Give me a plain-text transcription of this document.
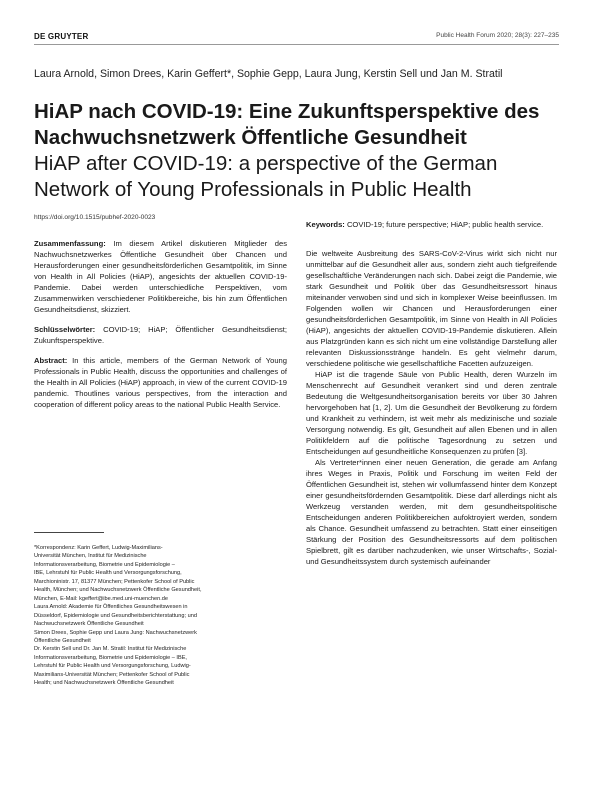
DE GRUYTER	Public Health Forum 2020; 28(3): 227–235
Laura Arnold, Simon Drees, Karin Geffert*, Sophie Gepp, Laura Jung, Kerstin Sell und Jan M. Stratil
HiAP nach COVID-19: Eine Zukunftsperspektive des Nachwuchsnetzwerk Öffentliche Gesundheit
HiAP after COVID-19: a perspective of the German Network of Young Professionals in Public Health
https://doi.org/10.1515/pubhef-2020-0023

Zusammenfassung: Im diesem Artikel diskutieren Mitglieder des Nachwuchsnetzwerkes Öffentliche Gesundheit über Chancen und Herausforderungen einer gesundheitsförderlichen Gesamtpolitik, im Sinne von Health in All Policies (HiAP), angesichts der aktuellen COVID-19-Pandemie. Dabei werden unterschiedliche Perspektiven, vom Zusammenwirken verschiedener Politikbereiche, bis hin zum Öffentlichen Gesundheitsdienst, skizziert.

Schlüsselwörter: COVID-19; HiAP; Öffentlicher Gesundheitsdienst; Zukunftsperspektive.

Abstract: In this article, members of the German Network of Young Professionals in Public Health, discuss the opportunities and challenges of the Health in All Policies (HiAP) approach, in view of the current COVID-19 pandemic. Thoutlines various perspectives, from the interaction and cooperation of different policy areas to the national Public Health Service.

*Korrespondenz: Karin Geffert, Ludwig-Maximilians-

Universität München, Institut für Medizinische

Informationsverarbeitung, Biometrie und Epidemiologie –

IBE, Lehrstuhl für Public Health und Versorgungsforschung,

Marchioninistr. 17, 81377 München; Pettenkofer School of Public

Health, München; und Nachwuchsnetzwerk Öffentliche Gesundheit,

München, E-Mail: kgeffert@ibe.med.uni-muenchen.de

Laura Arnold: Akademie für Öffentliches Gesundheitswesen in

Düsseldorf, Epidemiologie und Gesundheitsberichterstattung; und

Nachwuchsnetzwerk Öffentliche Gesundheit

Simon Drees, Sophie Gepp und Laura Jung: Nachwuchsnetzwerk

Öffentliche Gesundheit

Dr. Kerstin Sell und Dr. Jan M. Stratil: Institut für Medizinische

Informationsverarbeitung, Biometrie und Epidemiologie – IBE,

Lehrstuhl für Public Health und Versorgungsforschung, Ludwig-

Maximilians-Universität München; Pettenkofer School of Public

Health; und Nachwuchsnetzwerk Öffentliche Gesundheit

Keywords: COVID-19; future perspective; HiAP; public health service.

Die weltweite Ausbreitung des SARS-CoV-2-Virus wirkt sich nicht nur unmittelbar auf die Gesundheit aller aus, sondern zieht auch tiefgreifende gesellschaftliche Veränderungen nach sich. Dabei zeigt die Pandemie, wie stark Gesundheit und Politik über das Gesundheitsressort hinaus miteinander verwoben sind und sich in komplexer Weise beeinflussen. Im Folgenden wollen wir Chancen und Herausforderungen einer gesundheitsförderlichen Gesamtpolitik, im Sinne von Health in All Policies (HiAP), angesichts der aktuellen COVID-19-Pandemie diskutieren. Allein aus Platzgründen kann es sich nicht um eine vollständige Darstellung aller relevanten Diskussionsstränge handeln. Es geht vielmehr darum, verschiedene politische wie gesellschaftliche Facetten aufzuzeigen.

HiAP ist die tragende Säule von Public Health, deren Wurzeln im Menschenrecht auf Gesundheit verankert sind und deren zentrale Bedeutung die Weltgesundheitsorganisation bereits vor über 30 Jahren hervorgehoben hat [1, 2]. Um die Gesundheit der Bevölkerung zu fördern und Krankheit zu verhindern, ist weit mehr als medizinische und soziale Versorgung notwendig. Es gilt, Gesundheit auf allen Ebenen und in allen Politikfeldern auf die politische Tagesordnung zu setzen und Entscheidungen auf gesundheitliche Konsequenzen zu prüfen [3].

Als Vertreter*innen einer neuen Generation, die gerade am Anfang ihres Weges in Praxis, Politik und Forschung im weiten Feld der Öffentlichen Gesundheit ist, stehen wir vollumfassend hinter dem Konzept einer gesundheitsfördernden Gesamtpolitik. Diese darf allerdings nicht als Werkzeug verstanden werden, mit dem gesundheitspolitische Entscheidungen anderen Politikbereichen aufoktroyiert werden, sondern als Chance. Gesundheit umfassend zu betrachten. Statt einer einseitigen Stärkung der Position des Gesundheitsressorts auf dem politischen Spielbrett, gilt es darüber nachzudenken, wie unser Wirtschafts-, Sozial- und Gesundheitssystem durch systemisch aufeinander
